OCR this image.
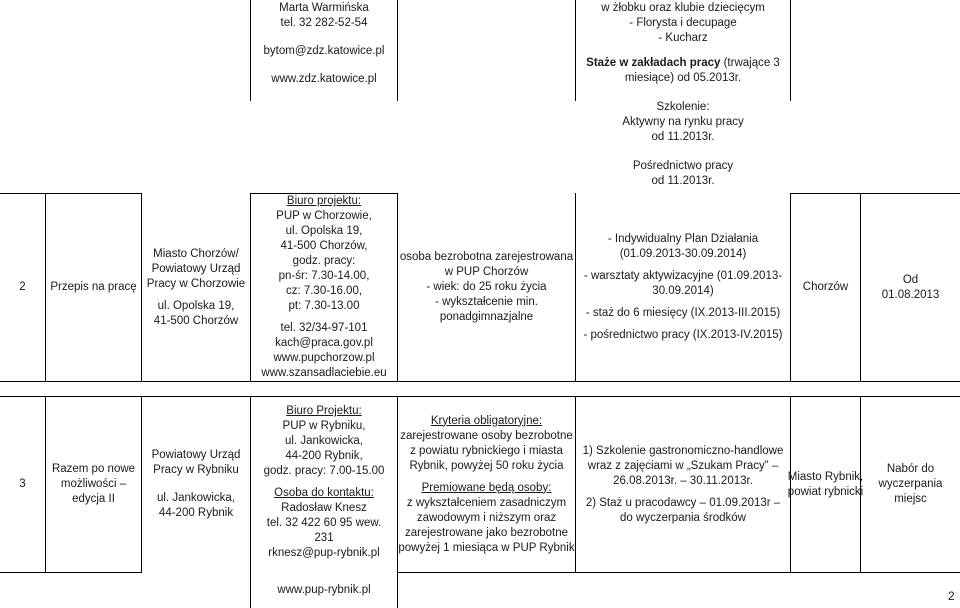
Marta Warmińska
tel. 32 282-52-54
bytom@zdz.katowice.pl
www.zdz.katowice.pl
w żłobku oraz klubie dziecięcym
- Florysta i decupage
- Kucharz
Staże w zakładach pracy (trwające 3
miesiące) od 05.2013r.
Szkolenie:
Aktywny na rynku pracy
od 11.2013r.
Pośrednictwo pracy
od 11.2013r.
2 Przepis na pracę
Miasto Chorzów/
Powiatowy Urząd
Pracy w Chorzowie
ul. Opolska 19,
41-500 Chorzów
Biuro projektu:
PUP w Chorzowie,
ul. Opolska 19,
41-500 Chorzów,
godz. pracy:
pn-śr: 7.30-14.00,
cz: 7.30-16.00,
pt: 7.30-13.00
tel. 32/34-97-101
kach@praca.gov.pl
www.pupchorzow.pl
www.szansadlaciebie.eu
osoba bezrobotna zarejestrowana
w PUP Chorzów
- wiek: do 25 roku życia
- wykształcenie min.
ponadgimnazjalne
- Indywidualny Plan Działania
(01.09.2013-30.09.2014)
- warsztaty aktywizacyjne (01.09.2013-
30.09.2014)
- staż do 6 miesięcy (IX.2013-III.2015)
- pośrednictwo pracy (IX.2013-IV.2015)
Chorzów
Od
01.08.2013
3
Razem po nowe
możliwości –
edycja II
Powiatowy Urząd
Pracy w Rybniku
ul. Jankowicka,
44-200 Rybnik
Biuro Projektu:
PUP w Rybniku,
ul. Jankowicka,
44-200 Rybnik,
godz. pracy: 7.00-15.00
Osoba do kontaktu:
Radosław Knesz
tel. 32 422 60 95 wew.
231
rknesz@pup-rybnik.pl
www.pup-rybnik.pl
Kryteria obligatoryjne:
zarejestrowane osoby bezrobotne
z powiatu rybnickiego i miasta
Rybnik, powyżej 50 roku życia
Premiowane będą osoby:
z wykształceniem zasadniczym
zawodowym i niższym oraz
zarejestrowane jako bezrobotne
powyżej 1 miesiąca w PUP Rybnik
1) Szkolenie gastronomiczno-handlowe
wraz z zajęciami w „Szukam Pracy” –
26.08.2013r. – 30.11.2013r.
2) Staż u pracodawcy – 01.09.2013r –
do wyczerpania środków
Miasto Rybnik,
powiat rybnicki
Nabór do
wyczerpania
miejsc
2
